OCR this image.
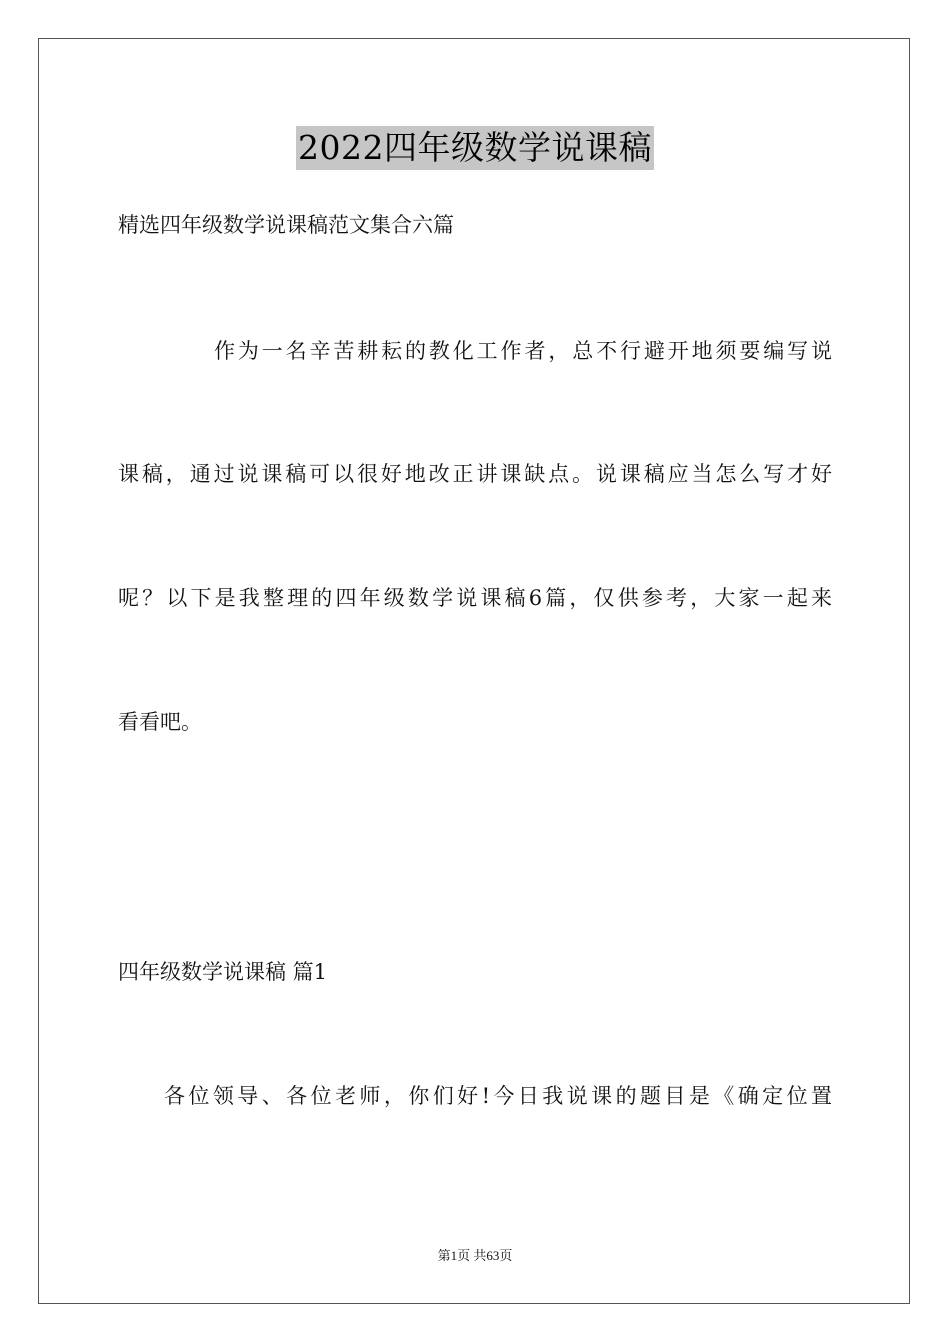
2022四年级数学说课稿
精选四年级数学说课稿范文集合六篇
作为一名辛苦耕耘的教化工作者，总不行避开地须要编写说
课稿，通过说课稿可以很好地改正讲课缺点。说课稿应当怎么写才好
呢？以下是我整理的四年级数学说课稿6篇，仅供参考，大家一起来
看看吧。
四年级数学说课稿 篇1
各位领导、各位老师，你们好!今日我说课的题目是《确定位置
第1页 共63页
